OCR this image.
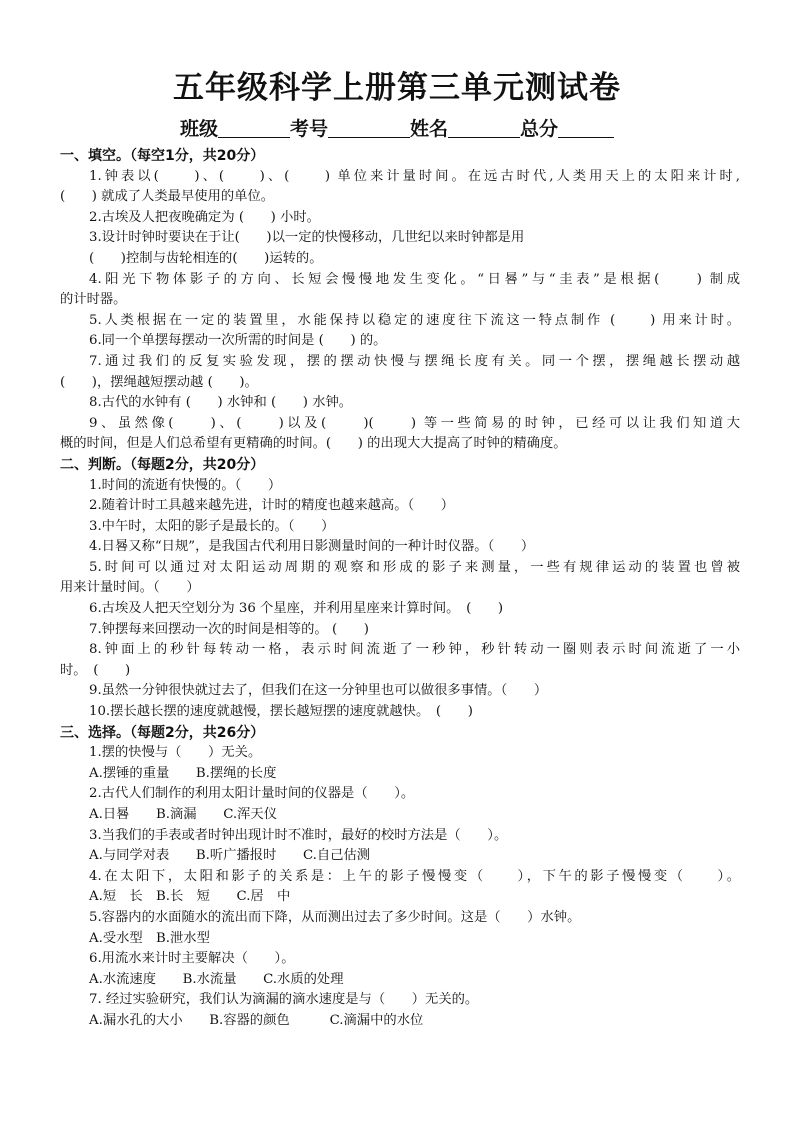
五年级科学上册第三单元测试卷
班级	考号	姓名	总分
一、填空。（每空1分，共20分）
1.钟表以(　　)、(　　)、(　　) 单位来计量时间。在远古时代,人类用天上的太阳来计时,
(　　) 就成了人类最早使用的单位。
2.古埃及人把夜晚确定为 (　　) 小时。
3.设计时钟时要诀在于让(　　)以一定的快慢移动，几世纪以来时钟都是用
(　　)控制与齿轮相连的(　　)运转的。
4.阳光下物体影子的方向、长短会慢慢地发生变化。“日晷”与“圭表”是根据(　　) 制成
的计时器。
5.人类根据在一定的装置里，水能保持以稳定的速度往下流这一特点制作 (　　) 用来计时。
6.同一个单摆每摆动一次所需的时间是 (　　) 的。
7.通过我们的反复实验发现，摆的摆动快慢与摆绳长度有关。同一个摆，摆绳越长摆动越
(　　)，摆绳越短摆动越 (　　)。
8.古代的水钟有 (　　) 水钟和 (　　) 水钟。
9、虽然像(　　)、(　　)以及(　　)(　　) 等一些简易的时钟，已经可以让我们知道大
概的时间，但是人们总希望有更精确的时间。(　　) 的出现大大提高了时钟的精确度。
二、判断。（每题2分，共20分）
1.时间的流逝有快慢的。（　　）
2.随着计时工具越来越先进，计时的精度也越来越高。（　　）
3.中午时，太阳的影子是最长的。（　　）
4.日晷又称“日规”，是我国古代利用日影测量时间的一种计时仪器。（　　）
5.时间可以通过对太阳运动周期的观察和形成的影子来测量，一些有规律运动的装置也曾被
用来计量时间。（　　）
6.古埃及人把天空划分为 36 个星座，并利用星座来计算时间。　(　　)
7.钟摆每来回摆动一次的时间是相等的。 (　　)
8.钟面上的秒针每转动一格，表示时间流逝了一秒钟，秒针转动一圈则表示时间流逝了一小
时。　(　　)
9.虽然一分钟很快就过去了，但我们在这一分钟里也可以做很多事情。（　　）
10.摆长越长摆的速度就越慢，摆长越短摆的速度就越快。　(　　)
三、选择。（每题2分，共26分）
1.摆的快慢与（　　）无关。
A.摆锤的重量　　B.摆绳的长度
2.古代人们制作的利用太阳计量时间的仪器是（　　）。
A.日晷　　B.滴漏　　C.浑天仪
3.当我们的手表或者时钟出现计时不准时，最好的校时方法是（　　）。
A.与同学对表　　B.听广播报时　　C.自己估测
4.在太阳下，太阳和影子的关系是：上午的影子慢慢变（　　），下午的影子慢慢变（　　）。
A.短　长　B.长　短　　C.居　中
5.容器内的水面随水的流出而下降，从而测出过去了多少时间。这是（　　）水钟。
A.受水型　B.泄水型
6.用流水来计时主要解决（　　）。
A.水流速度　　B.水流量　　C.水质的处理
7. 经过实验研究，我们认为滴漏的滴水速度是与（　　）无关的。
A.漏水孔的大小　　B.容器的颜色　　　C.滴漏中的水位
